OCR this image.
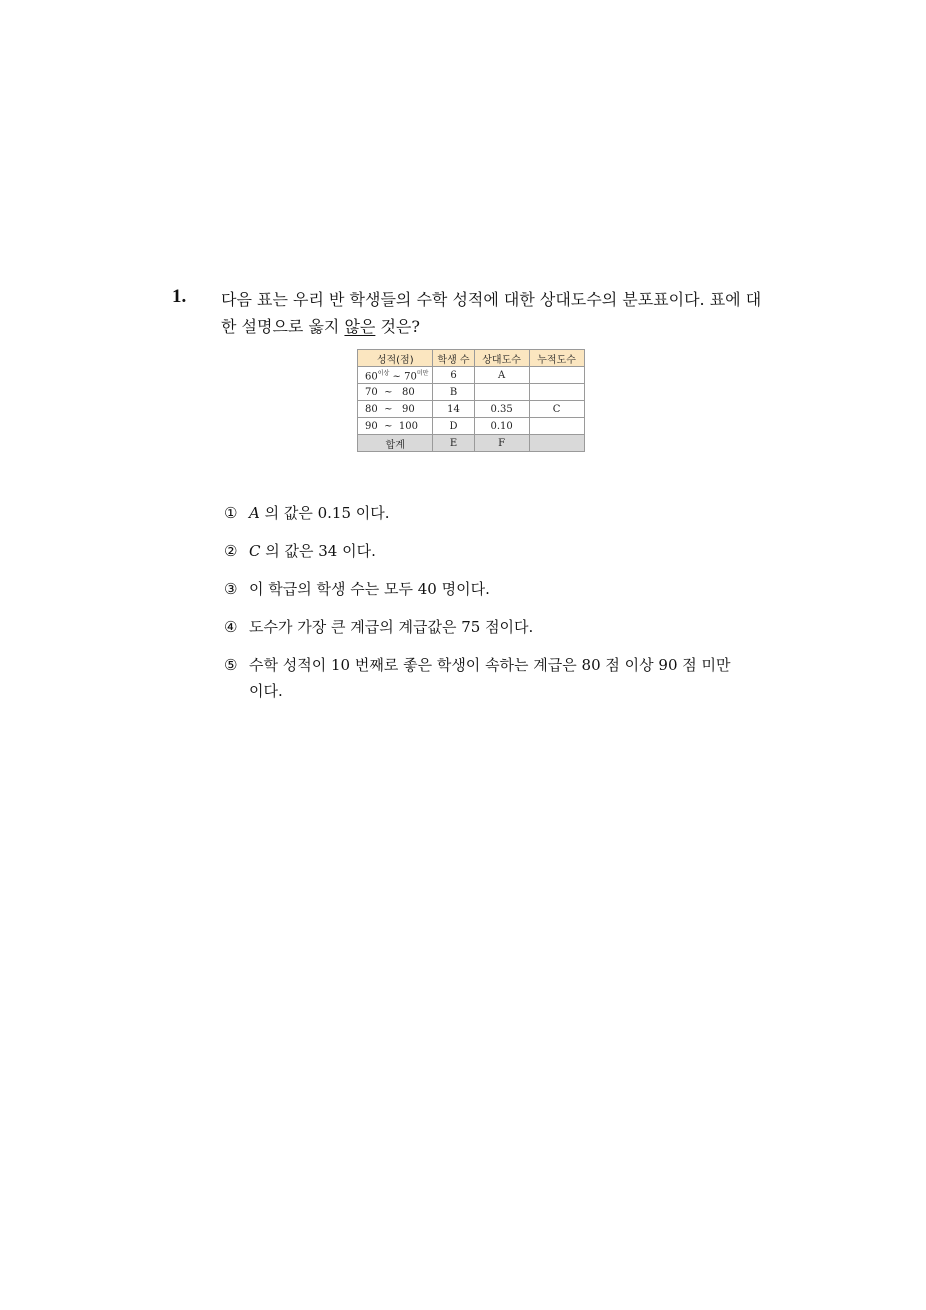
1. 다음 표는 우리 반 학생들의 수학 성적에 대한 상대도수의 분포표이다. 표에 대한 설명으로 옳지 않은 것은?
성적(점)	학생 수	상대도수	누적도수
$60^{이상}$ ~ $70^{미만}$	6	A	
70 ~ 80	B		
80 ~ 90	14	0.35	C
90 ~ 100	D	0.10	
합계	E	F	
① A 의 값은 0.15 이다.
② C 의 값은 34 이다.
③ 이 학급의 학생 수는 모두 40 명이다.
④ 도수가 가장 큰 계급의 계급값은 75 점이다.
⑤ 수학 성적이 10 번째로 좋은 학생이 속하는 계급은 80 점 이상 90 점 미만이다.
